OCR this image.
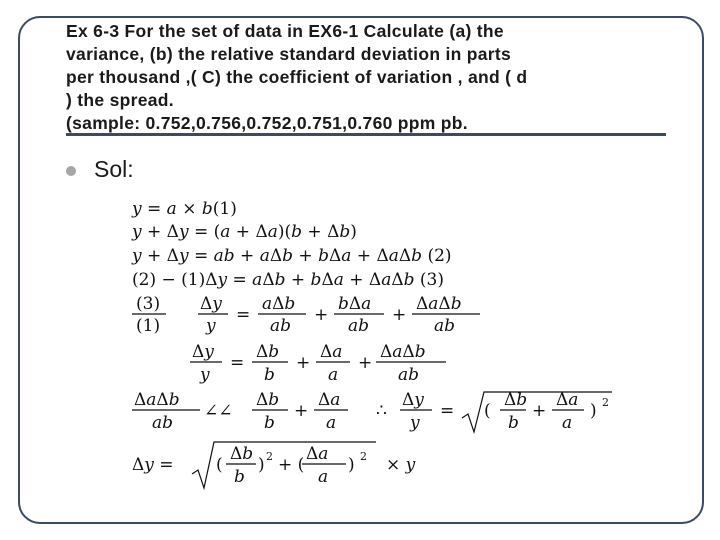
Ex 6-3 For the set of data in EX6-1 Calculate (a) the
variance, (b) the relative standard deviation in parts
per thousand ,( C) the coefficient of variation , and ( d
) the spread.
(sample: 0.752,0.756,0.752,0.751,0.760 ppm pb.
Sol:
y = a × b(1)
y + Δy = (a + Δa)(b + Δb)
y + Δy = ab + aΔb + bΔa + ΔaΔb (2)
(2) − (1)Δy = aΔb + bΔa + ΔaΔb (3)
(3)
(1)
Δy
y
=
aΔb
ab
+
bΔa
ab
+
ΔaΔb
ab
Δy
y
=
Δb
b
+
Δa
a
+
ΔaΔb
ab
ΔaΔb
ab
∠∠
Δb
b
+
Δa
a
∴
Δy
y
= (
Δb
b
+
Δa
a
) 2
Δy = (
Δb
b
) 2 + (
Δa
a
) 2 × y
